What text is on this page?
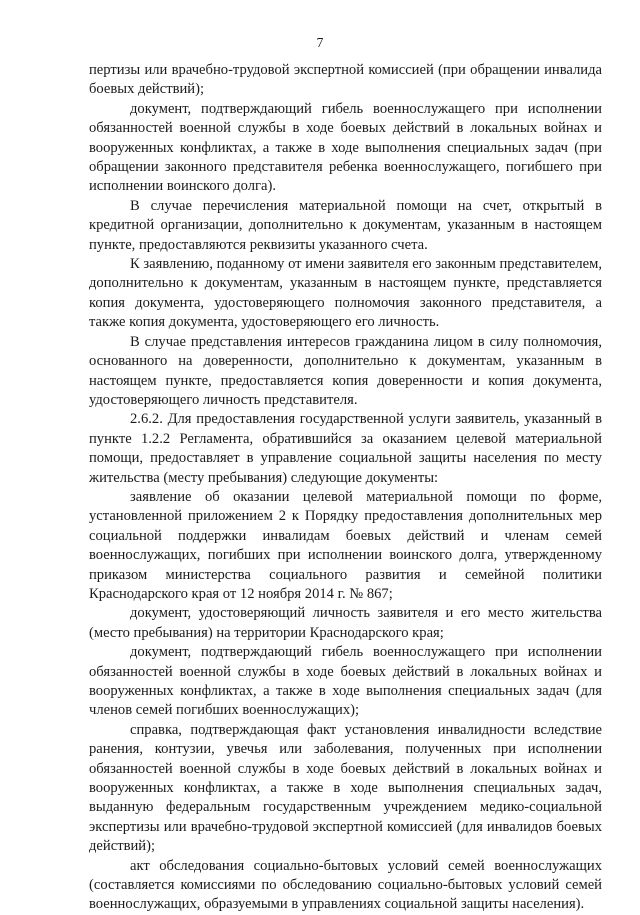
7

пертизы или врачебно-трудовой экспертной комиссией (при обращении инвалида боевых действий);

документ, подтверждающий гибель военнослужащего при исполнении обязанностей военной службы в ходе боевых действий в локальных войнах и вооруженных конфликтах, а также в ходе выполнения специальных задач (при обращении законного представителя ребенка военнослужащего, погибшего при исполнении воинского долга).

В случае перечисления материальной помощи на счет, открытый в кредитной организации, дополнительно к документам, указанным в настоящем пункте, предоставляются реквизиты указанного счета.

К заявлению, поданному от имени заявителя его законным представителем, дополнительно к документам, указанным в настоящем пункте, представляется копия документа, удостоверяющего полномочия законного представителя, а также копия документа, удостоверяющего его личность.

В случае представления интересов гражданина лицом в силу полномочия, основанного на доверенности, дополнительно к документам, указанным в настоящем пункте, предоставляется копия доверенности и копия документа, удостоверяющего личность представителя.

2.6.2. Для предоставления государственной услуги заявитель, указанный в пункте 1.2.2 Регламента, обратившийся за оказанием целевой материальной помощи, предоставляет в управление социальной защиты населения по месту жительства (месту пребывания) следующие документы:

заявление об оказании целевой материальной помощи по форме, установленной приложением 2 к Порядку предоставления дополнительных мер социальной поддержки инвалидам боевых действий и членам семей военнослужащих, погибших при исполнении воинского долга, утвержденному приказом министерства социального развития и семейной политики Краснодарского края от 12 ноября 2014 г. № 867;

документ, удостоверяющий личность заявителя и его место жительства (место пребывания) на территории Краснодарского края;

документ, подтверждающий гибель военнослужащего при исполнении обязанностей военной службы в ходе боевых действий в локальных войнах и вооруженных конфликтах, а также в ходе выполнения специальных задач (для членов семей погибших военнослужащих);

справка, подтверждающая факт установления инвалидности вследствие ранения, контузии, увечья или заболевания, полученных при исполнении обязанностей военной службы в ходе боевых действий в локальных войнах и вооруженных конфликтах, а также в ходе выполнения специальных задач, выданную федеральным государственным учреждением медико-социальной экспертизы или врачебно-трудовой экспертной комиссией (для инвалидов боевых действий);

акт обследования социально-бытовых условий семей военнослужащих (составляется комиссиями по обследованию социально-бытовых условий семей военнослужащих, образуемыми в управлениях социальной защиты населения).
